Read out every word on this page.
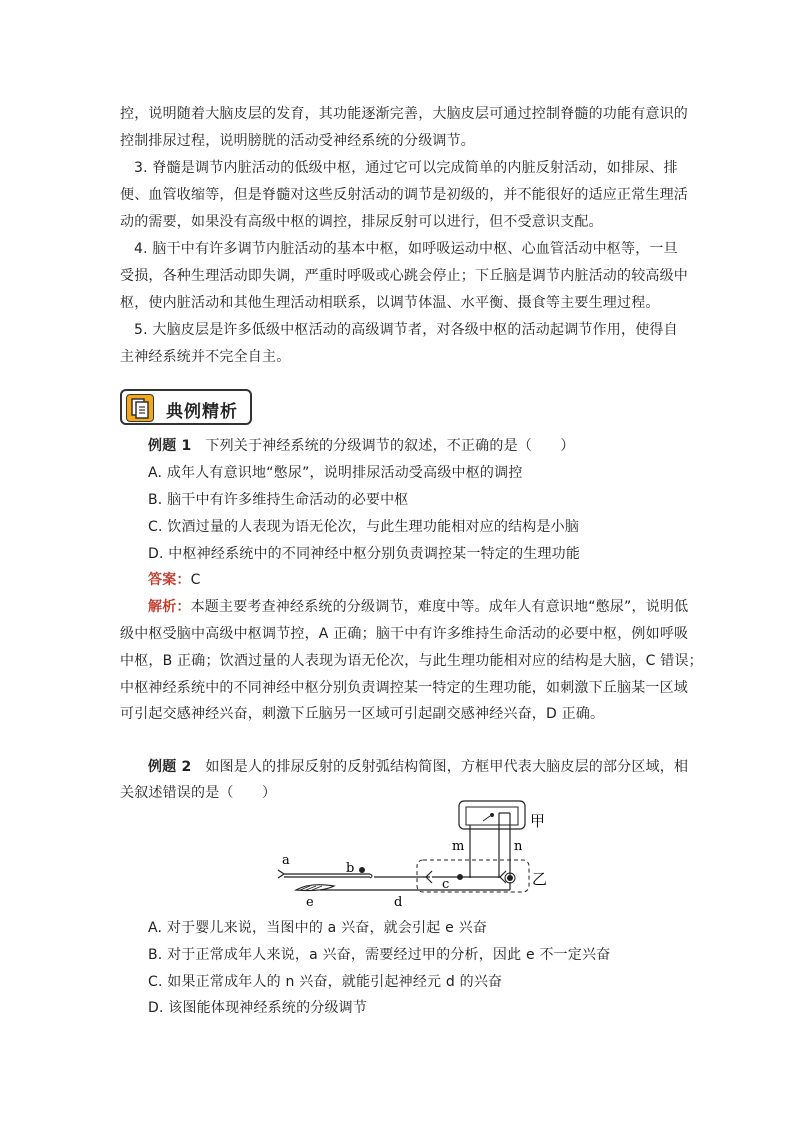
控，说明随着大脑皮层的发育，其功能逐渐完善，大脑皮层可通过控制脊髓的功能有意识的
控制排尿过程，说明膀胱的活动受神经系统的分级调节。
3. 脊髓是调节内脏活动的低级中枢，通过它可以完成简单的内脏反射活动，如排尿、排
便、血管收缩等，但是脊髓对这些反射活动的调节是初级的，并不能很好的适应正常生理活
动的需要，如果没有高级中枢的调控，排尿反射可以进行，但不受意识支配。
4. 脑干中有许多调节内脏活动的基本中枢，如呼吸运动中枢、心血管活动中枢等，一旦
受损，各种生理活动即失调，严重时呼吸或心跳会停止；下丘脑是调节内脏活动的较高级中
枢，使内脏活动和其他生理活动相联系，以调节体温、水平衡、摄食等主要生理过程。
5. 大脑皮层是许多低级中枢活动的高级调节者，对各级中枢的活动起调节作用，使得自
主神经系统并不完全自主。
典例精析
例题 1 下列关于神经系统的分级调节的叙述，不正确的是（　　）
A. 成年人有意识地“憋尿”，说明排尿活动受高级中枢的调控
B. 脑干中有许多维持生命活动的必要中枢
C. 饮酒过量的人表现为语无伦次，与此生理功能相对应的结构是小脑
D. 中枢神经系统中的不同神经中枢分别负责调控某一特定的生理功能
答案：C
解析：本题主要考查神经系统的分级调节，难度中等。成年人有意识地“憋尿”，说明低
级中枢受脑中高级中枢调节控，A 正确；脑干中有许多维持生命活动的必要中枢，例如呼吸
中枢，B 正确；饮酒过量的人表现为语无伦次，与此生理功能相对应的结构是大脑，C 错误；
中枢神经系统中的不同神经中枢分别负责调控某一特定的生理功能，如刺激下丘脑某一区域
可引起交感神经兴奋，刺激下丘脑另一区域可引起副交感神经兴奋，D 正确。
例题 2 如图是人的排尿反射的反射弧结构简图，方框甲代表大脑皮层的部分区域，相
关叙述错误的是（　　）
甲
m	n
乙
a
b
c
d
e
A. 对于婴儿来说，当图中的 a 兴奋，就会引起 e 兴奋
B. 对于正常成年人来说，a 兴奋，需要经过甲的分析，因此 e 不一定兴奋
C. 如果正常成年人的 n 兴奋，就能引起神经元 d 的兴奋
D. 该图能体现神经系统的分级调节
